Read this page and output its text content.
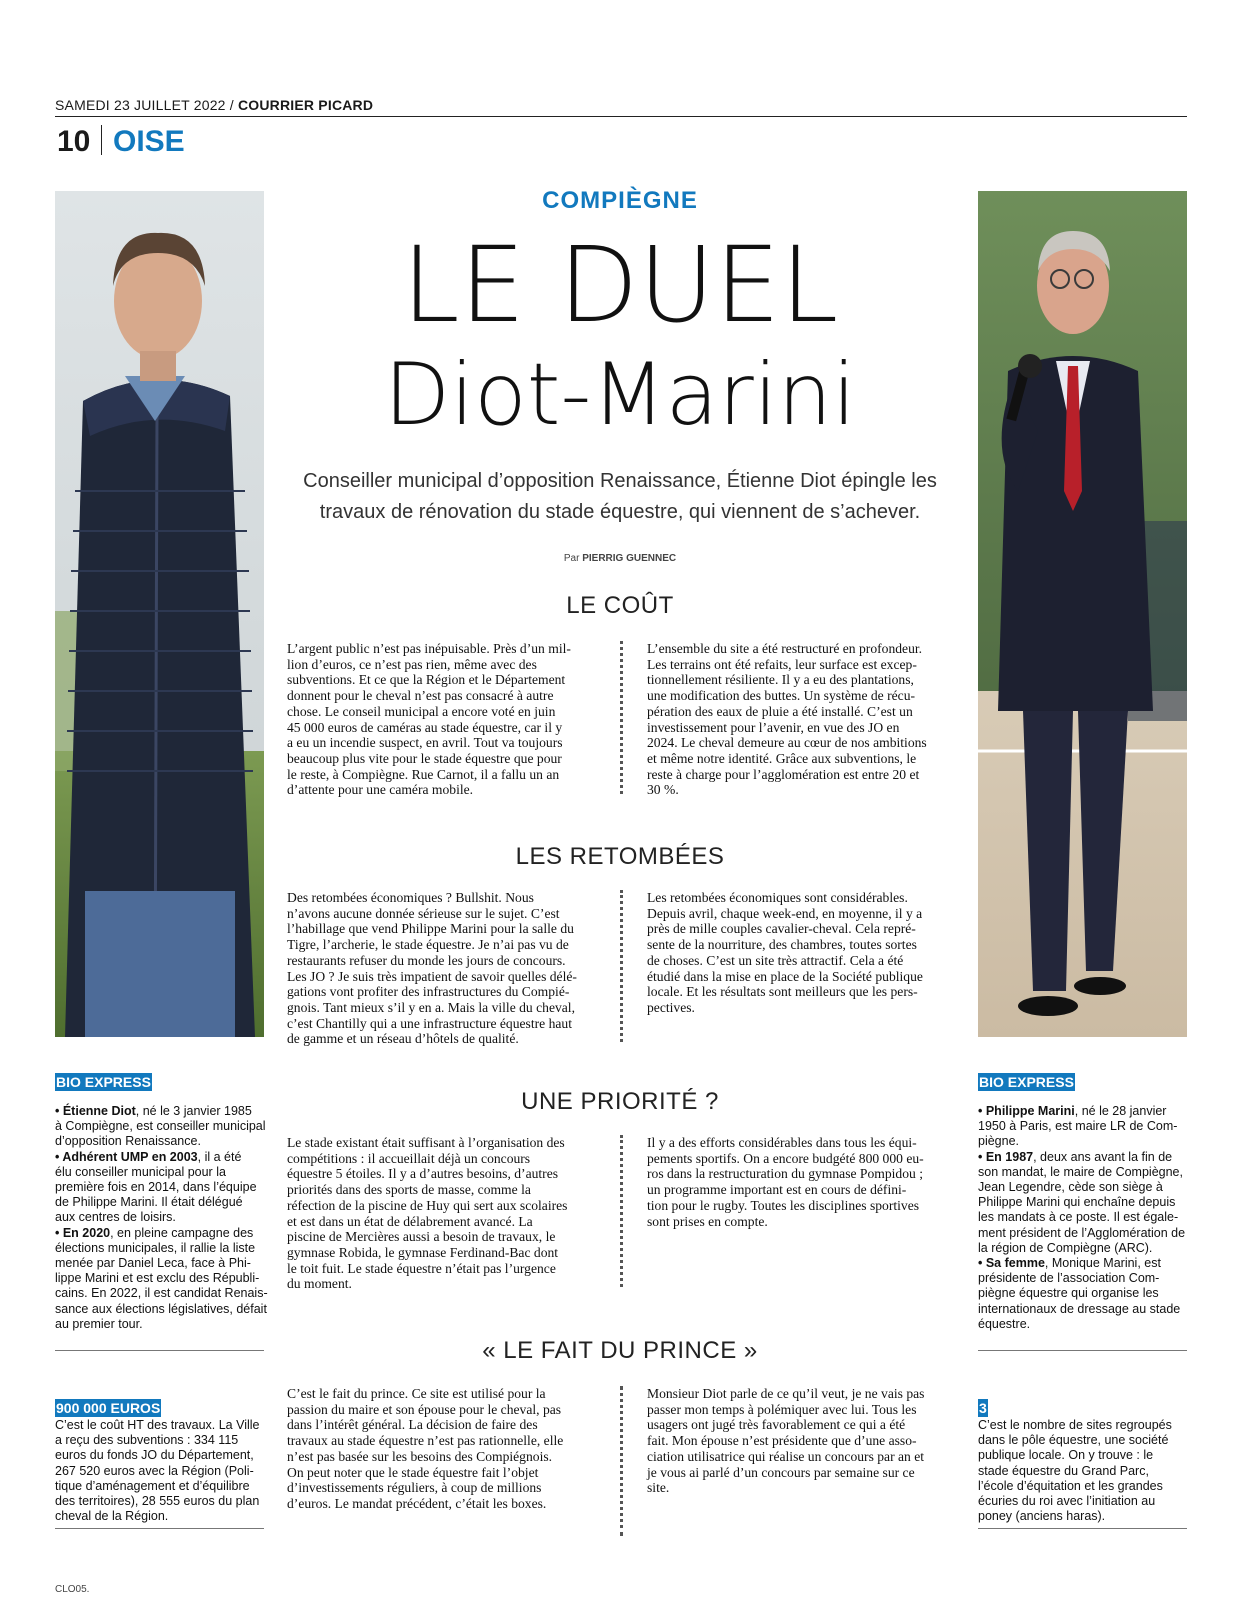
SAMEDI 23 JUILLET 2022 / COURRIER PICARD
10 OISE
COMPIÈGNE
LE DUEL
Diot-Marini
Conseiller municipal d’opposition Renaissance, Étienne Diot épingle les
travaux de rénovation du stade équestre, qui viennent de s’achever.
Par PIERRIG GUENNEC
LE COÛT
L’argent public n’est pas inépuisable. Près d’un mil-
lion d’euros, ce n’est pas rien, même avec des
subventions. Et ce que la Région et le Département
donnent pour le cheval n’est pas consacré à autre
chose. Le conseil municipal a encore voté en juin
45 000 euros de caméras au stade équestre, car il y
a eu un incendie suspect, en avril. Tout va toujours
beaucoup plus vite pour le stade équestre que pour
le reste, à Compiègne. Rue Carnot, il a fallu un an
d’attente pour une caméra mobile.
L’ensemble du site a été restructuré en profondeur.
Les terrains ont été refaits, leur surface est excep-
tionnellement résiliente. Il y a eu des plantations,
une modification des buttes. Un système de récu-
pération des eaux de pluie a été installé. C’est un
investissement pour l’avenir, en vue des JO en
2024. Le cheval demeure au cœur de nos ambitions
et même notre identité. Grâce aux subventions, le
reste à charge pour l’agglomération est entre 20 et
30 %.
LES RETOMBÉES
Des retombées économiques ? Bullshit. Nous
n’avons aucune donnée sérieuse sur le sujet. C’est
l’habillage que vend Philippe Marini pour la salle du
Tigre, l’archerie, le stade équestre. Je n’ai pas vu de
restaurants refuser du monde les jours de concours.
Les JO ? Je suis très impatient de savoir quelles délé-
gations vont profiter des infrastructures du Compié-
gnois. Tant mieux s’il y en a. Mais la ville du cheval,
c’est Chantilly qui a une infrastructure équestre haut
de gamme et un réseau d’hôtels de qualité.
Les retombées économiques sont considérables.
Depuis avril, chaque week-end, en moyenne, il y a
près de mille couples cavalier-cheval. Cela repré-
sente de la nourriture, des chambres, toutes sortes
de choses. C’est un site très attractif. Cela a été
étudié dans la mise en place de la Société publique
locale. Et les résultats sont meilleurs que les pers-
pectives.
UNE PRIORITÉ ?
Le stade existant était suffisant à l’organisation des
compétitions : il accueillait déjà un concours
équestre 5 étoiles. Il y a d’autres besoins, d’autres
priorités dans des sports de masse, comme la
réfection de la piscine de Huy qui sert aux scolaires
et est dans un état de délabrement avancé. La
piscine de Mercières aussi a besoin de travaux, le
gymnase Robida, le gymnase Ferdinand-Bac dont
le toit fuit. Le stade équestre n’était pas l’urgence
du moment.
Il y a des efforts considérables dans tous les équi-
pements sportifs. On a encore budgété 800 000 eu-
ros dans la restructuration du gymnase Pompidou ;
un programme important est en cours de défini-
tion pour le rugby. Toutes les disciplines sportives
sont prises en compte.
« LE FAIT DU PRINCE »
C’est le fait du prince. Ce site est utilisé pour la
passion du maire et son épouse pour le cheval, pas
dans l’intérêt général. La décision de faire des
travaux au stade équestre n’est pas rationnelle, elle
n’est pas basée sur les besoins des Compiégnois.
On peut noter que le stade équestre fait l’objet
d’investissements réguliers, à coup de millions
d’euros. Le mandat précédent, c’était les boxes.
Monsieur Diot parle de ce qu’il veut, je ne vais pas
passer mon temps à polémiquer avec lui. Tous les
usagers ont jugé très favorablement ce qui a été
fait. Mon épouse n’est présidente que d’une asso-
ciation utilisatrice qui réalise un concours par an et
je vous ai parlé d’un concours par semaine sur ce
site.
BIO EXPRESS
• Étienne Diot, né le 3 janvier 1985
à Compiègne, est conseiller municipal
d’opposition Renaissance.
• Adhérent UMP en 2003, il a été
élu conseiller municipal pour la
première fois en 2014, dans l’équipe
de Philippe Marini. Il était délégué
aux centres de loisirs.
• En 2020, en pleine campagne des
élections municipales, il rallie la liste
menée par Daniel Leca, face à Phi-
lippe Marini et est exclu des Républi-
cains. En 2022, il est candidat Renais-
sance aux élections législatives, défait
au premier tour.
900 000 EUROS
C’est le coût HT des travaux. La Ville
a reçu des subventions : 334 115
euros du fonds JO du Département,
267 520 euros avec la Région (Poli-
tique d’aménagement et d’équilibre
des territoires), 28 555 euros du plan
cheval de la Région.
BIO EXPRESS
• Philippe Marini, né le 28 janvier
1950 à Paris, est maire LR de Com-
piègne.
• En 1987, deux ans avant la fin de
son mandat, le maire de Compiègne,
Jean Legendre, cède son siège à
Philippe Marini qui enchaîne depuis
les mandats à ce poste. Il est égale-
ment président de l’Agglomération de
la région de Compiègne (ARC).
• Sa femme, Monique Marini, est
présidente de l’association Com-
piègne équestre qui organise les
internationaux de dressage au stade
équestre.
3
C’est le nombre de sites regroupés
dans le pôle équestre, une société
publique locale. On y trouve : le
stade équestre du Grand Parc,
l’école d’équitation et les grandes
écuries du roi avec l’initiation au
poney (anciens haras).
CLO05.
